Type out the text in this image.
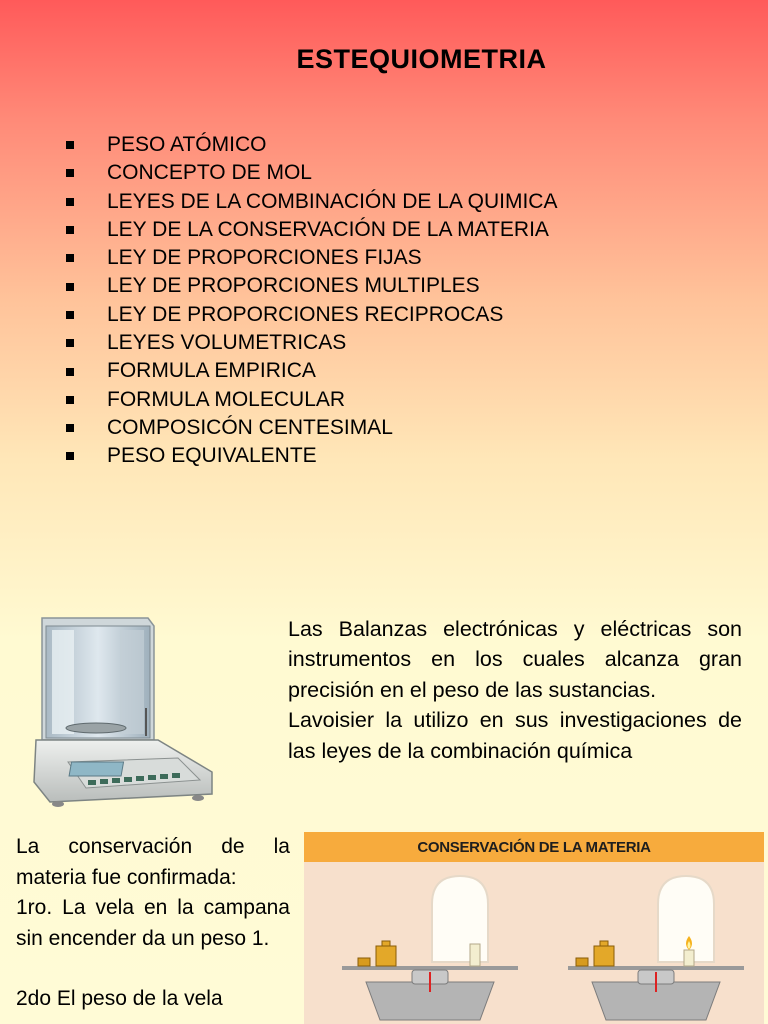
ESTEQUIOMETRIA
PESO ATÓMICO
CONCEPTO DE MOL
LEYES DE LA COMBINACIÓN DE LA QUIMICA
LEY DE LA CONSERVACIÓN DE LA MATERIA
LEY DE PROPORCIONES FIJAS
LEY DE PROPORCIONES MULTIPLES
LEY DE PROPORCIONES RECIPROCAS
LEYES VOLUMETRICAS
FORMULA EMPIRICA
FORMULA MOLECULAR
COMPOSICÓN CENTESIMAL
PESO EQUIVALENTE

Las Balanzas electrónicas y eléctricas son instrumentos en los cuales alcanza gran precisión en el peso de las sustancias.

Lavoisier la utilizo en sus investigaciones de las leyes de la combinación química

La conservación de la materia fue confirmada:

1ro. La vela en la campana sin encender da un peso 1.

2do El peso de la vela

CONSERVACIÓN DE LA MATERIA
